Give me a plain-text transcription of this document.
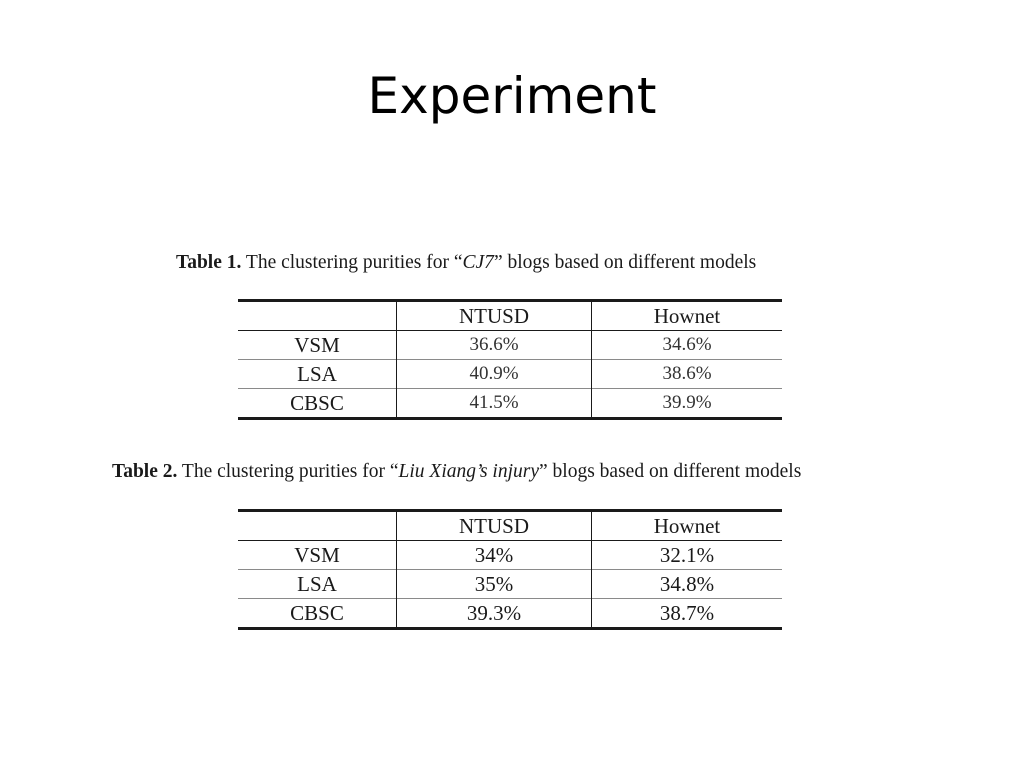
Experiment
Table 1. The clustering purities for “CJ7” blogs based on different models
	NTUSD	Hownet
VSM	36.6%	34.6%
LSA	40.9%	38.6%
CBSC	41.5%	39.9%
Table 2. The clustering purities for “Liu Xiang’s injury” blogs based on different models
	NTUSD	Hownet
VSM	34%	32.1%
LSA	35%	34.8%
CBSC	39.3%	38.7%
